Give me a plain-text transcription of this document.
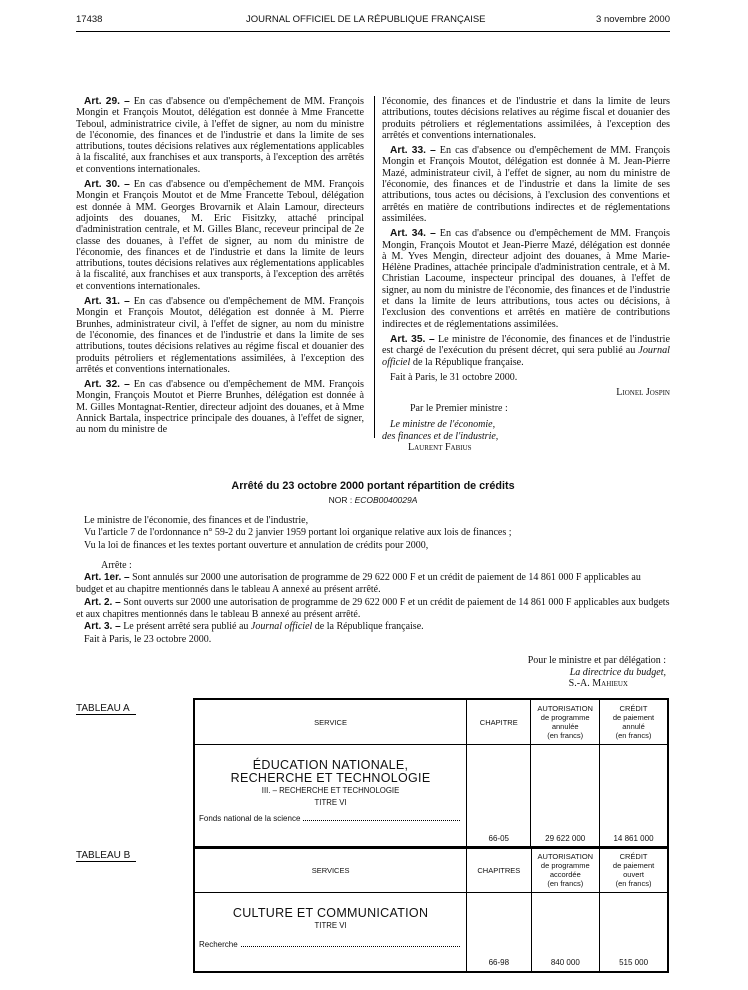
17438	JOURNAL OFFICIEL DE LA RÉPUBLIQUE FRANÇAISE	3 novembre 2000

Art. 29. – En cas d'absence ou d'empêchement de MM. François Mongin et François Moutot, délégation est donnée à Mme Francette Teboul, administratrice civile, à l'effet de signer, au nom du ministre de l'économie, des finances et de l'industrie et dans la limite de ses attributions, toutes décisions relatives aux réglementations applicables à la fiscalité, aux franchises et aux transports, à l'exception des arrêtés et conventions internationales.

Art. 30. – En cas d'absence ou d'empêchement de MM. François Mongin et François Moutot et de Mme Francette Teboul, délégation est donnée à MM. Georges Brovarnik et Alain Lamour, directeurs adjoints des douanes, M. Eric Fisitzky, attaché principal d'administration centrale, et M. Gilles Blanc, receveur principal de 2e classe des douanes, à l'effet de signer, au nom du ministre de l'économie, des finances et de l'industrie et dans la limite de leurs attributions, toutes décisions relatives aux réglementations applicables à la fiscalité, aux franchises et aux transports, à l'exception des arrêtés et conventions internationales.

Art. 31. – En cas d'absence ou d'empêchement de MM. François Mongin et François Moutot, délégation est donnée à M. Pierre Brunhes, administrateur civil, à l'effet de signer, au nom du ministre de l'économie, des finances et de l'industrie et dans la limite de ses attributions, toutes décisions relatives au régime fiscal et douanier des produits pétroliers et réglementations assimilées, à l'exception des arrêtés et conventions internationales.

Art. 32. – En cas d'absence ou d'empêchement de MM. François Mongin, François Moutot et Pierre Brunhes, délégation est donnée à M. Gilles Montagnat-Rentier, directeur adjoint des douanes, et à Mme Annick Bartala, inspectrice principale des douanes, à l'effet de signer, au nom du ministre de

l'économie, des finances et de l'industrie et dans la limite de leurs attributions, toutes décisions relatives au régime fiscal et douanier des produits pétroliers et réglementations assimilées, à l'exception des arrêtés et conventions internationales.

Art. 33. – En cas d'absence ou d'empêchement de MM. François Mongin et François Moutot, délégation est donnée à M. Jean-Pierre Mazé, administrateur civil, à l'effet de signer, au nom du ministre de l'économie, des finances et de l'industrie et dans la limite de ses attributions, tous actes ou décisions, à l'exclusion des conventions et arrêtés en matière de contributions indirectes et de réglementations assimilées.

Art. 34. – En cas d'absence ou d'empêchement de MM. François Mongin, François Moutot et Jean-Pierre Mazé, délégation est donnée à M. Yves Mengin, directeur adjoint des douanes, à Mme Marie-Hélène Pradines, attachée principale d'administration centrale, et à M. Christian Lacoume, inspecteur principal des douanes, à l'effet de signer, au nom du ministre de l'économie, des finances et de l'industrie et dans la limite de leurs attributions, tous actes ou décisions, à l'exclusion des conventions et arrêtés en matière de contributions indirectes et de réglementations assimilées.

Art. 35. – Le ministre de l'économie, des finances et de l'industrie est chargé de l'exécution du présent décret, qui sera publié au Journal officiel de la République française.

Fait à Paris, le 31 octobre 2000.

Lionel Jospin
Par le Premier ministre :
Le ministre de l'économie,
des finances et de l'industrie,
Laurent Fabius
Arrêté du 23 octobre 2000 portant répartition de crédits
NOR : ECOB0040029A

Le ministre de l'économie, des finances et de l'industrie,

Vu l'article 7 de l'ordonnance n° 59-2 du 2 janvier 1959 portant loi organique relative aux lois de finances ;

Vu la loi de finances et les textes portant ouverture et annulation de crédits pour 2000,

Arrête :

Art. 1er. – Sont annulés sur 2000 une autorisation de programme de 29 622 000 F et un crédit de paiement de 14 861 000 F applicables au budget et au chapitre mentionnés dans le tableau A annexé au présent arrêté.

Art. 2. – Sont ouverts sur 2000 une autorisation de programme de 29 622 000 F et un crédit de paiement de 14 861 000 F applicables aux budgets et aux chapitres mentionnés dans le tableau B annexé au présent arrêté.

Art. 3. – Le présent arrêté sera publié au Journal officiel de la République française.

Fait à Paris, le 23 octobre 2000.

Pour le ministre et par délégation :
La directrice du budget,
S.-A. Mahieux
TABLEAU A
SERVICE	CHAPITRE	AUTORISATION
de programme
annulée
(en francs)	CRÉDIT
de paiement
annulé
(en francs)

ÉDUCATION NATIONALE,
RECHERCHE ET TECHNOLOGIE
III. – RECHERCHE ET TECHNOLOGIE
TITRE VI
Fonds national de la science	66-05	29 622 000	14 861 000
TABLEAU B
SERVICES	CHAPITRES	AUTORISATION
de programme
accordée
(en francs)	CRÉDIT
de paiement
ouvert
(en francs)

CULTURE ET COMMUNICATION
TITRE VI
Recherche	66-98	840 000	515 000
